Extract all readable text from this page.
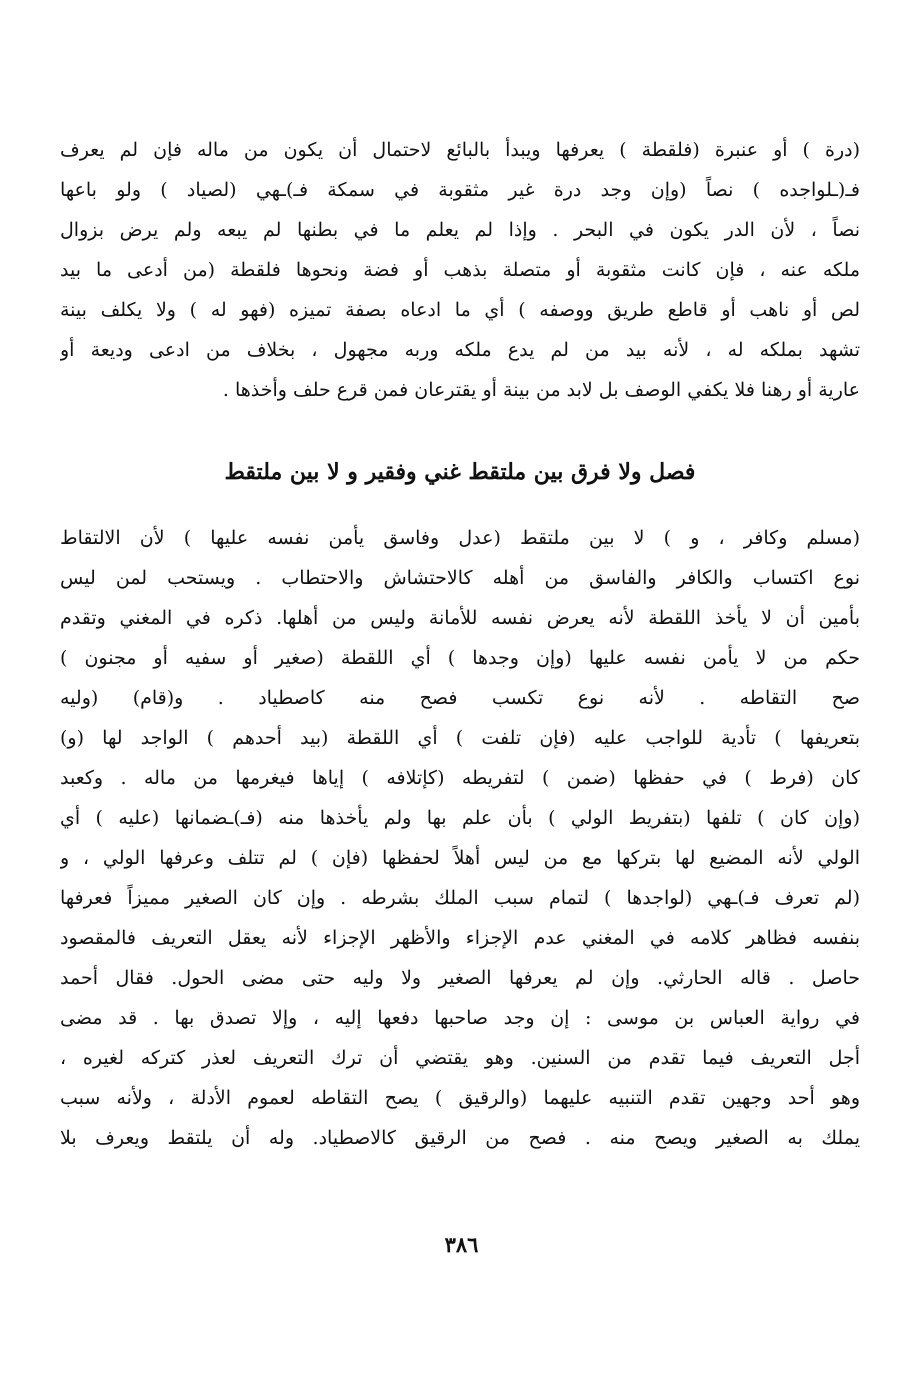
(درة ) أو عنبرة (فلقطة ) يعرفها ويبدأ بالبائع لاحتمال أن يكون من ماله فإن لم يعرف
فـ(ـلواجده ) نصاً (وإن وجد درة غير مثقوبة في سمكة فـ)ـهي (لصياد ) ولو باعها
نصاً ، لأن الدر يكون في البحر . وإذا لم يعلم ما في بطنها لم يبعه ولم يرض بزوال
ملكه عنه ، فإن كانت مثقوبة أو متصلة بذهب أو فضة ونحوها فلقطة (من أدعى ما بيد
لص أو ناهب أو قاطع طريق ووصفه ) أي ما ادعاه بصفة تميزه (فهو له ) ولا يكلف بينة
تشهد بملكه له ، لأنه بيد من لم يدع ملكه وربه مجهول ، بخلاف من ادعى وديعة أو
عارية أو رهنا فلا يكفي الوصف بل لابد من بينة أو يقترعان فمن قرع حلف وأخذها .
فصل ولا فرق بين ملتقط غني وفقير و لا بين ملتقط
(مسلم وكافر ، و ) لا بين ملتقط (عدل وفاسق يأمن نفسه عليها ) لأن الالتقاط
نوع اكتساب والكافر والفاسق من أهله كالاحتشاش والاحتطاب . ويستحب لمن ليس
بأمين أن لا يأخذ اللقطة لأنه يعرض نفسه للأمانة وليس من أهلها. ذكره في المغني وتقدم
حكم من لا يأمن نفسه عليها (وإن وجدها ) أي اللقطة (صغير أو سفيه أو مجنون )
صح التقاطه . لأنه نوع تكسب فصح منه كاصطياد . و(قام) (وليه
بتعريفها ) تأدية للواجب عليه (فإن تلفت ) أي اللقطة (بيد أحدهم ) الواجد لها (و)
كان (فرط ) في حفظها (ضمن ) لتفريطه (كإتلافه ) إياها فيغرمها من ماله . وكعبد
(وإن كان ) تلفها (بتفريط الولي ) بأن علم بها ولم يأخذها منه (فـ)ـضمانها (عليه ) أي
الولي لأنه المضيع لها بتركها مع من ليس أهلاً لحفظها (فإن ) لم تتلف وعرفها الولي ، و
(لم تعرف فـ)ـهي (لواجدها ) لتمام سبب الملك بشرطه . وإن كان الصغير مميزاً فعرفها
بنفسه فظاهر كلامه في المغني عدم الإجزاء والأظهر الإجزاء لأنه يعقل التعريف فالمقصود
حاصل . قاله الحارثي. وإن لم يعرفها الصغير ولا وليه حتى مضى الحول. فقال أحمد
في رواية العباس بن موسى : إن وجد صاحبها دفعها إليه ، وإلا تصدق بها . قد مضى
أجل التعريف فيما تقدم من السنين. وهو يقتضي أن ترك التعريف لعذر كتركه لغيره ،
وهو أحد وجهين تقدم التنبيه عليهما (والرقيق ) يصح التقاطه لعموم الأدلة ، ولأنه سبب
يملك به الصغير ويصح منه . فصح من الرقيق كالاصطياد. وله أن يلتقط ويعرف بلا
٣٨٦
